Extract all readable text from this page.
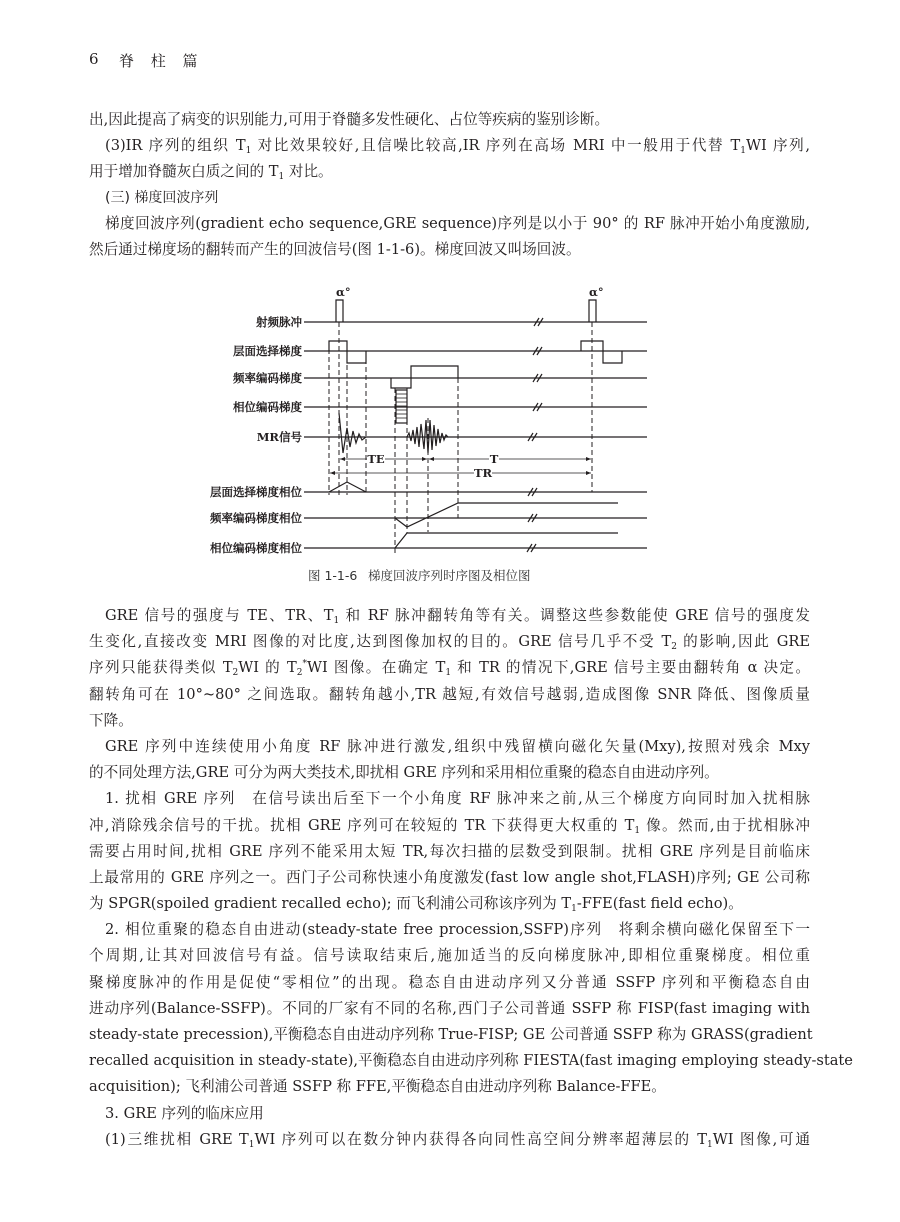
6 脊 柱 篇
出,因此提高了病变的识别能力,可用于脊髓多发性硬化、占位等疾病的鉴别诊断。
(3)IR 序列的组织 $T_1$ 对比效果较好,且信噪比较高,IR 序列在高场 MRI 中一般用于代替 $T_1WI$ 序列,
用于增加脊髓灰白质之间的 $T_1$ 对比。
(三) 梯度回波序列
梯度回波序列(gradient echo sequence,GRE sequence)序列是以小于 90° 的 RF 脉冲开始小角度激励,
然后通过梯度场的翻转而产生的回波信号(图 1-1-6)。梯度回波又叫场回波。
射频脉冲
层面选择梯度
频率编码梯度
相位编码梯度
MR信号
层面选择梯度相位
频率编码梯度相位
相位编码梯度相位
α°	α°
TE	T
TR
图 1-1-6 梯度回波序列时序图及相位图
GRE 信号的强度与 TE、TR、$T_1$ 和 RF 脉冲翻转角等有关。调整这些参数能使 GRE 信号的强度发
生变化,直接改变 MRI 图像的对比度,达到图像加权的目的。GRE 信号几乎不受 $T_2$ 的影响,因此 GRE
序列只能获得类似 $T_2WI$ 的 $T_2^*WI$ 图像。在确定 $T_1$ 和 TR 的情况下,GRE 信号主要由翻转角 α 决定。
翻转角可在 10°~80° 之间选取。翻转角越小,TR 越短,有效信号越弱,造成图像 SNR 降低、图像质量
下降。
GRE 序列中连续使用小角度 RF 脉冲进行激发,组织中残留横向磁化矢量(Mxy),按照对残余 Mxy
的不同处理方法,GRE 可分为两大类技术,即扰相 GRE 序列和采用相位重聚的稳态自由进动序列。
1. 扰相 GRE 序列　在信号读出后至下一个小角度 RF 脉冲来之前,从三个梯度方向同时加入扰相脉
冲,消除残余信号的干扰。扰相 GRE 序列可在较短的 TR 下获得更大权重的 $T_1$ 像。然而,由于扰相脉冲
需要占用时间,扰相 GRE 序列不能采用太短 TR,每次扫描的层数受到限制。扰相 GRE 序列是目前临床
上最常用的 GRE 序列之一。西门子公司称快速小角度激发(fast low angle shot,FLASH)序列; GE 公司称
为 SPGR(spoiled gradient recalled echo); 而飞利浦公司称该序列为 $T_1-FFE(fast$ field echo)。
2. 相位重聚的稳态自由进动(steady-state free procession,SSFP)序列　将剩余横向磁化保留至下一
个周期,让其对回波信号有益。信号读取结束后,施加适当的反向梯度脉冲,即相位重聚梯度。相位重
聚梯度脉冲的作用是促使“零相位”的出现。稳态自由进动序列又分普通 SSFP 序列和平衡稳态自由
进动序列(Balance-SSFP)。不同的厂家有不同的名称,西门子公司普通 SSFP 称 FISP(fast imaging with
steady-state precession),平衡稳态自由进动序列称 True-FISP; GE 公司普通 SSFP 称为 GRASS(gradient
recalled acquisition in steady-state),平衡稳态自由进动序列称 FIESTA(fast imaging employing steady-state
acquisition); 飞利浦公司普通 SSFP 称 FFE,平衡稳态自由进动序列称 Balance-FFE。
3. GRE 序列的临床应用
(1)三维扰相 GRE $T_1WI$ 序列可以在数分钟内获得各向同性高空间分辨率超薄层的 $T_1WI$ 图像,可通
